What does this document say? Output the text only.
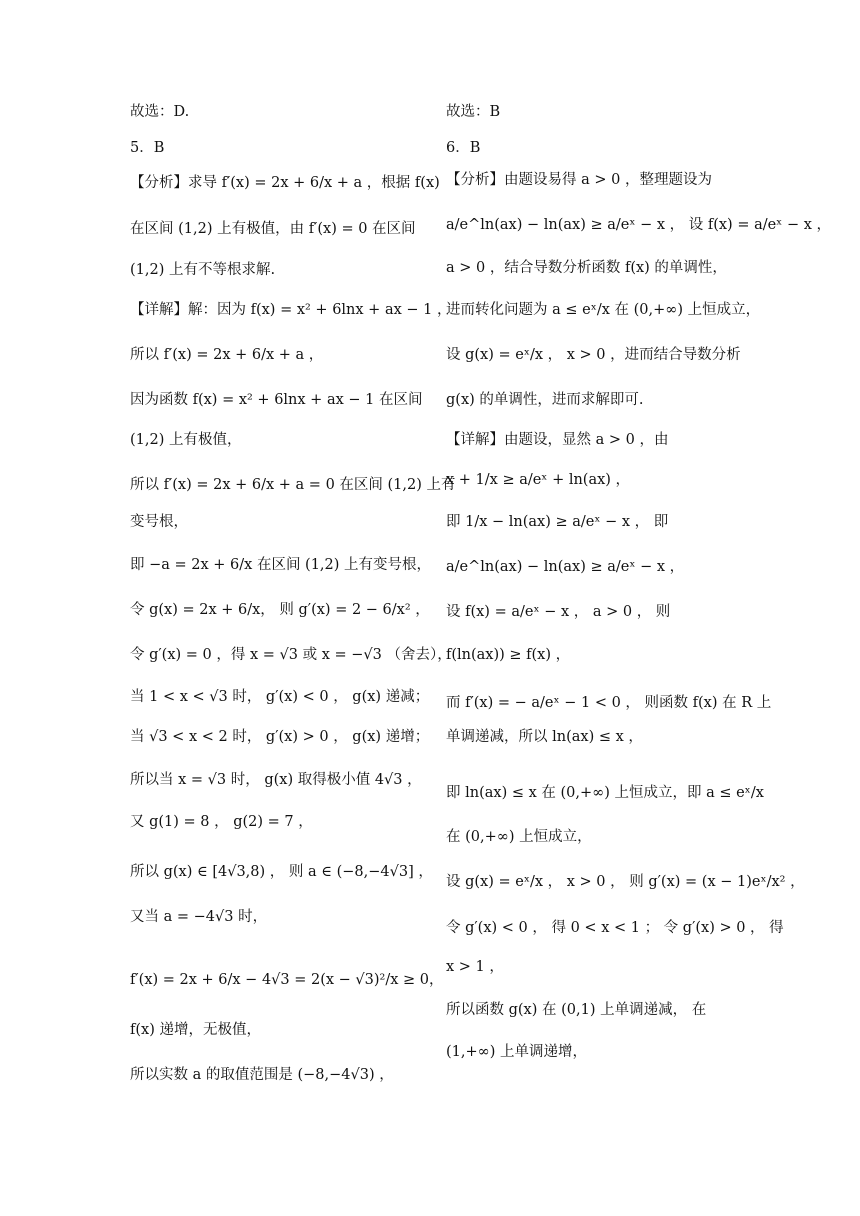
故选：D.
5．B
【分析】求导 f′(x) = 2x + 6/x + a ，根据 f(x)
在区间 (1,2) 上有极值，由 f′(x) = 0 在区间
(1,2) 上有不等根求解.
【详解】解：因为 f(x) = x² + 6lnx + ax − 1 ，
所以 f′(x) = 2x + 6/x + a ，
因为函数 f(x) = x² + 6lnx + ax − 1 在区间
(1,2) 上有极值，
所以 f′(x) = 2x + 6/x + a = 0 在区间 (1,2) 上有
变号根，
即 −a = 2x + 6/x 在区间 (1,2) 上有变号根，
令 g(x) = 2x + 6/x， 则 g′(x) = 2 − 6/x² ，
令 g′(x) = 0 ，得 x = √3 或 x = −√3 （舍去），
当 1 < x < √3 时， g′(x) < 0 ， g(x) 递减；
当 √3 < x < 2 时， g′(x) > 0 ， g(x) 递增；
所以当 x = √3 时， g(x) 取得极小值 4√3 ，
又 g(1) = 8 ， g(2) = 7 ，
所以 g(x) ∈ [4√3,8) ， 则 a ∈ (−8,−4√3] ，
又当 a = −4√3 时，
f′(x) = 2x + 6/x − 4√3 = 2(x − √3)²/x ≥ 0，
f(x) 递增，无极值，
所以实数 a 的取值范围是 (−8,−4√3) ，
故选：B
6．B
【分析】由题设易得 a > 0 ，整理题设为
a/e^ln(ax) − ln(ax) ≥ a/eˣ − x ， 设 f(x) = a/eˣ − x ，
a > 0 ，结合导数分析函数 f(x) 的单调性，
进而转化问题为 a ≤ eˣ/x 在 (0,+∞) 上恒成立，
设 g(x) = eˣ/x ， x > 0 ，进而结合导数分析
g(x) 的单调性，进而求解即可.
【详解】由题设，显然 a > 0 ，由
x + 1/x ≥ a/eˣ + ln(ax) ，
即 1/x − ln(ax) ≥ a/eˣ − x ， 即
a/e^ln(ax) − ln(ax) ≥ a/eˣ − x ，
设 f(x) = a/eˣ − x ， a > 0 ， 则
f(ln(ax)) ≥ f(x) ，
而 f′(x) = − a/eˣ − 1 < 0 ， 则函数 f(x) 在 R 上
单调递减，所以 ln(ax) ≤ x ，
即 ln(ax) ≤ x 在 (0,+∞) 上恒成立，即 a ≤ eˣ/x
在 (0,+∞) 上恒成立，
设 g(x) = eˣ/x ， x > 0 ， 则 g′(x) = (x − 1)eˣ/x² ，
令 g′(x) < 0 ， 得 0 < x < 1 ； 令 g′(x) > 0 ， 得
x > 1 ，
所以函数 g(x) 在 (0,1) 上单调递减， 在
(1,+∞) 上单调递增，
